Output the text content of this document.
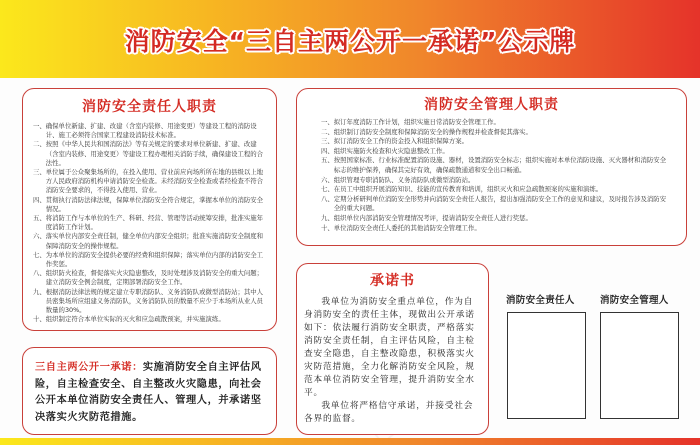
消防安全“三自主两公开一承诺”公示牌
消防安全责任人职责
一、 确保单位新建、扩建、改建（含室内装修、用途变更）等建设工程的消防设计、施工必须符合国家工程建设消防技术标准。
二、 按照《中华人民共和国消防法》等有关规定的要求对单位新建、扩建、改建（含室内装修、用途变更）等建设工程办理相关消防手续，确保建设工程的合法性。
三、 单位属于公众聚集场所的，在投入使用、营业前应向场所所在地的县级以上地方人民政府消防机构申请消防安全检查。未经消防安全检查或者经检查不符合消防安全要求的，不得投入使用、营业。
四、 贯彻执行消防法律法规，保障单位消防安全符合规定，掌握本单位的消防安全情况。
五、 将消防工作与本单位的生产、科研、经营、管理等活动统筹安排，批准实施年度消防工作计划。
六、 落实单位内部安全责任制，健全单位内部安全组织；批准实施消防安全制度和保障消防安全的操作规程。
七、 为本单位的消防安全提供必要的经费和组织保障；落实单位内部的消防安全工作奖惩。
八、 组织防火检查，督促落实火灾隐患整改，及时处理涉及消防安全的重大问题；建立消防安全例会制度，定期部署消防安全工作。
九、 根据消防法律法规的规定建立专职消防队、义务消防队或微型消防站；其中人员密集场所应组建义务消防队，义务消防队员的数量不应少于本场所从业人员数量的30%。
十、 组织制定符合本单位实际的灭火和应急疏散预案，并实施演练。
消防安全管理人职责
一、 拟订年度消防工作计划，组织实施日常消防安全管理工作。
二、 组织制订消防安全制度和保障消防安全的操作规程并检查督促其落实。
三、 拟订消防安全工作的资金投入和组织保障方案。
四、 组织实施防火检查和火灾隐患整改工作。
五、 按照国家标准、行业标准配置消防设施、器材，设置消防安全标志；组织实施对本单位消防设施、灭火器材和消防安全标志的维护保养，确保其完好有效，确保疏散通道和安全出口畅通。
六、 组织管理专职消防队、义务消防队或微型消防站。
七、 在员工中组织开展消防知识、技能的宣传教育和培训，组织灭火和应急疏散预案的实施和演练。
八、 定期分析研判单位消防安全形势并向消防安全责任人报告，提出加强消防安全工作的意见和建议，及时报告涉及消防安全的重大问题。
九、 组织单位内部消防安全管理情况考评，提请消防安全责任人进行奖惩。
十、 单位消防安全责任人委托的其他消防安全管理工作。
三自主两公开一承诺：实施消防安全自主评估风险，自主检查安全、自主整改火灾隐患，向社会公开本单位消防安全责任人、管理人，并承诺坚决落实火灾防范措施。
承诺书

我单位为消防安全重点单位，作为自身消防安全的责任主体，现做出公开承诺如下：依法履行消防安全职责，严格落实消防安全责任制，自主评估风险，自主检查安全隐患，自主整改隐患，积极落实火灾防范措施，全力化解消防安全风险，规范本单位消防安全管理，提升消防安全水平。

我单位将严格信守承诺，并接受社会各界的监督。

消防安全责任人	消防安全管理人
